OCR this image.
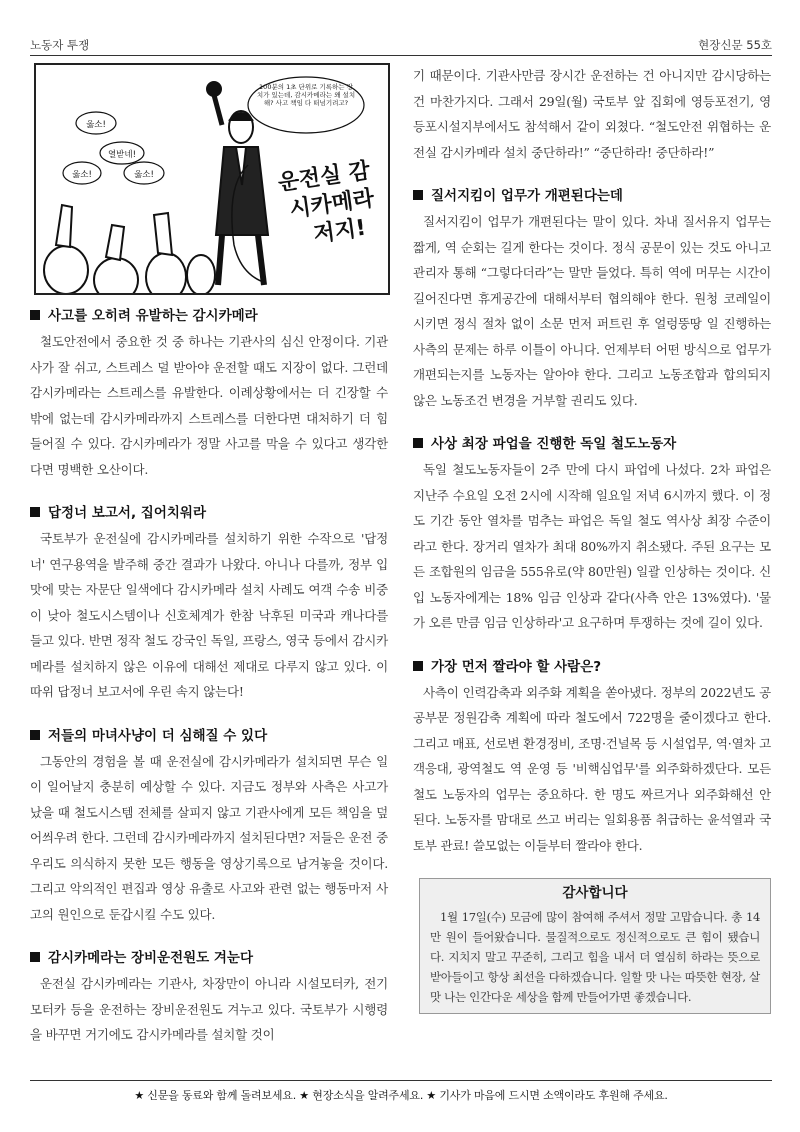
노동자 투쟁	현장신문 55호
옳소!
열받네!
옳소!	옳소!
100분의 1초 단위로 기록하는 장치가 있는데, 감시카메라는 왜 설치해? 사고 책임 다 떠넘기려고?
운전실 감
시카메라
저지!
사고를 오히려 유발하는 감시카메라

철도안전에서 중요한 것 중 하나는 기관사의 심신 안정이다. 기관사가 잘 쉬고, 스트레스 덜 받아야 운전할 때도 지장이 없다. 그런데 감시카메라는 스트레스를 유발한다. 이례상황에서는 더 긴장할 수밖에 없는데 감시카메라까지 스트레스를 더한다면 대처하기 더 힘들어질 수 있다. 감시카메라가 정말 사고를 막을 수 있다고 생각한다면 명백한 오산이다.

답정너 보고서, 집어치워라

국토부가 운전실에 감시카메라를 설치하기 위한 수작으로 '답정너' 연구용역을 발주해 중간 결과가 나왔다. 아니나 다를까, 정부 입맛에 맞는 자문단 일색에다 감시카메라 설치 사례도 여객 수송 비중이 낮아 철도시스템이나 신호체계가 한참 낙후된 미국과 캐나다를 들고 있다. 반면 정작 철도 강국인 독일, 프랑스, 영국 등에서 감시카메라를 설치하지 않은 이유에 대해선 제대로 다루지 않고 있다. 이따위 답정너 보고서에 우린 속지 않는다!

저들의 마녀사냥이 더 심해질 수 있다

그동안의 경험을 볼 때 운전실에 감시카메라가 설치되면 무슨 일이 일어날지 충분히 예상할 수 있다. 지금도 정부와 사측은 사고가 났을 때 철도시스템 전체를 살피지 않고 기관사에게 모든 책임을 덮어씌우려 한다. 그런데 감시카메라까지 설치된다면? 저들은 운전 중 우리도 의식하지 못한 모든 행동을 영상기록으로 남겨놓을 것이다. 그리고 악의적인 편집과 영상 유출로 사고와 관련 없는 행동마저 사고의 원인으로 둔갑시킬 수도 있다.

감시카메라는 장비운전원도 겨눈다

운전실 감시카메라는 기관사, 차장만이 아니라 시설모터카, 전기모터카 등을 운전하는 장비운전원도 겨누고 있다. 국토부가 시행령을 바꾸면 거기에도 감시카메라를 설치할 것이

기 때문이다. 기관사만큼 장시간 운전하는 건 아니지만 감시당하는 건 마찬가지다. 그래서 29일(월) 국토부 앞 집회에 영등포전기, 영등포시설지부에서도 참석해서 같이 외쳤다. “철도안전 위협하는 운전실 감시카메라 설치 중단하라!” “중단하라! 중단하라!”

질서지킴이 업무가 개편된다는데

질서지킴이 업무가 개편된다는 말이 있다. 차내 질서유지 업무는 짧게, 역 순회는 길게 한다는 것이다. 정식 공문이 있는 것도 아니고 관리자 통해 “그렇다더라”는 말만 들었다. 특히 역에 머무는 시간이 길어진다면 휴게공간에 대해서부터 협의해야 한다. 원청 코레일이 시키면 정식 절차 없이 소문 먼저 퍼트린 후 얼렁뚱땅 일 진행하는 사측의 문제는 하루 이틀이 아니다. 언제부터 어떤 방식으로 업무가 개편되는지를 노동자는 알아야 한다. 그리고 노동조합과 합의되지 않은 노동조건 변경을 거부할 권리도 있다.

사상 최장 파업을 진행한 독일 철도노동자

독일 철도노동자들이 2주 만에 다시 파업에 나섰다. 2차 파업은 지난주 수요일 오전 2시에 시작해 일요일 저녁 6시까지 했다. 이 정도 기간 동안 열차를 멈추는 파업은 독일 철도 역사상 최장 수준이라고 한다. 장거리 열차가 최대 80%까지 취소됐다. 주된 요구는 모든 조합원의 임금을 555유로(약 80만원) 일괄 인상하는 것이다. 신입 노동자에게는 18% 임금 인상과 같다(사측 안은 13%였다). '물가 오른 만큼 임금 인상하라'고 요구하며 투쟁하는 것에 길이 있다.

가장 먼저 짤라야 할 사람은?

사측이 인력감축과 외주화 계획을 쏟아냈다. 정부의 2022년도 공공부문 정원감축 계획에 따라 철도에서 722명을 줄이겠다고 한다. 그리고 매표, 선로변 환경정비, 조명·건널목 등 시설업무, 역·열차 고객응대, 광역철도 역 운영 등 '비핵심업무'를 외주화하겠단다. 모든 철도 노동자의 업무는 중요하다. 한 명도 짜르거나 외주화해선 안 된다. 노동자를 맘대로 쓰고 버리는 일회용품 취급하는 윤석열과 국토부 관료! 쓸모없는 이들부터 짤라야 한다.

감사합니다

1월 17일(수) 모금에 많이 참여해 주셔서 정말 고맙습니다. 총 14만 원이 들어왔습니다. 물질적으로도 정신적으로도 큰 힘이 됐습니다. 지치지 말고 꾸준히, 그리고 힘을 내서 더 열심히 하라는 뜻으로 받아들이고 항상 최선을 다하겠습니다. 일할 맛 나는 따뜻한 현장, 살 맛 나는 인간다운 세상을 함께 만들어가면 좋겠습니다.

★ 신문을 동료와 함께 돌려보세요. ★ 현장소식을 알려주세요. ★ 기사가 마음에 드시면 소액이라도 후원해 주세요.
